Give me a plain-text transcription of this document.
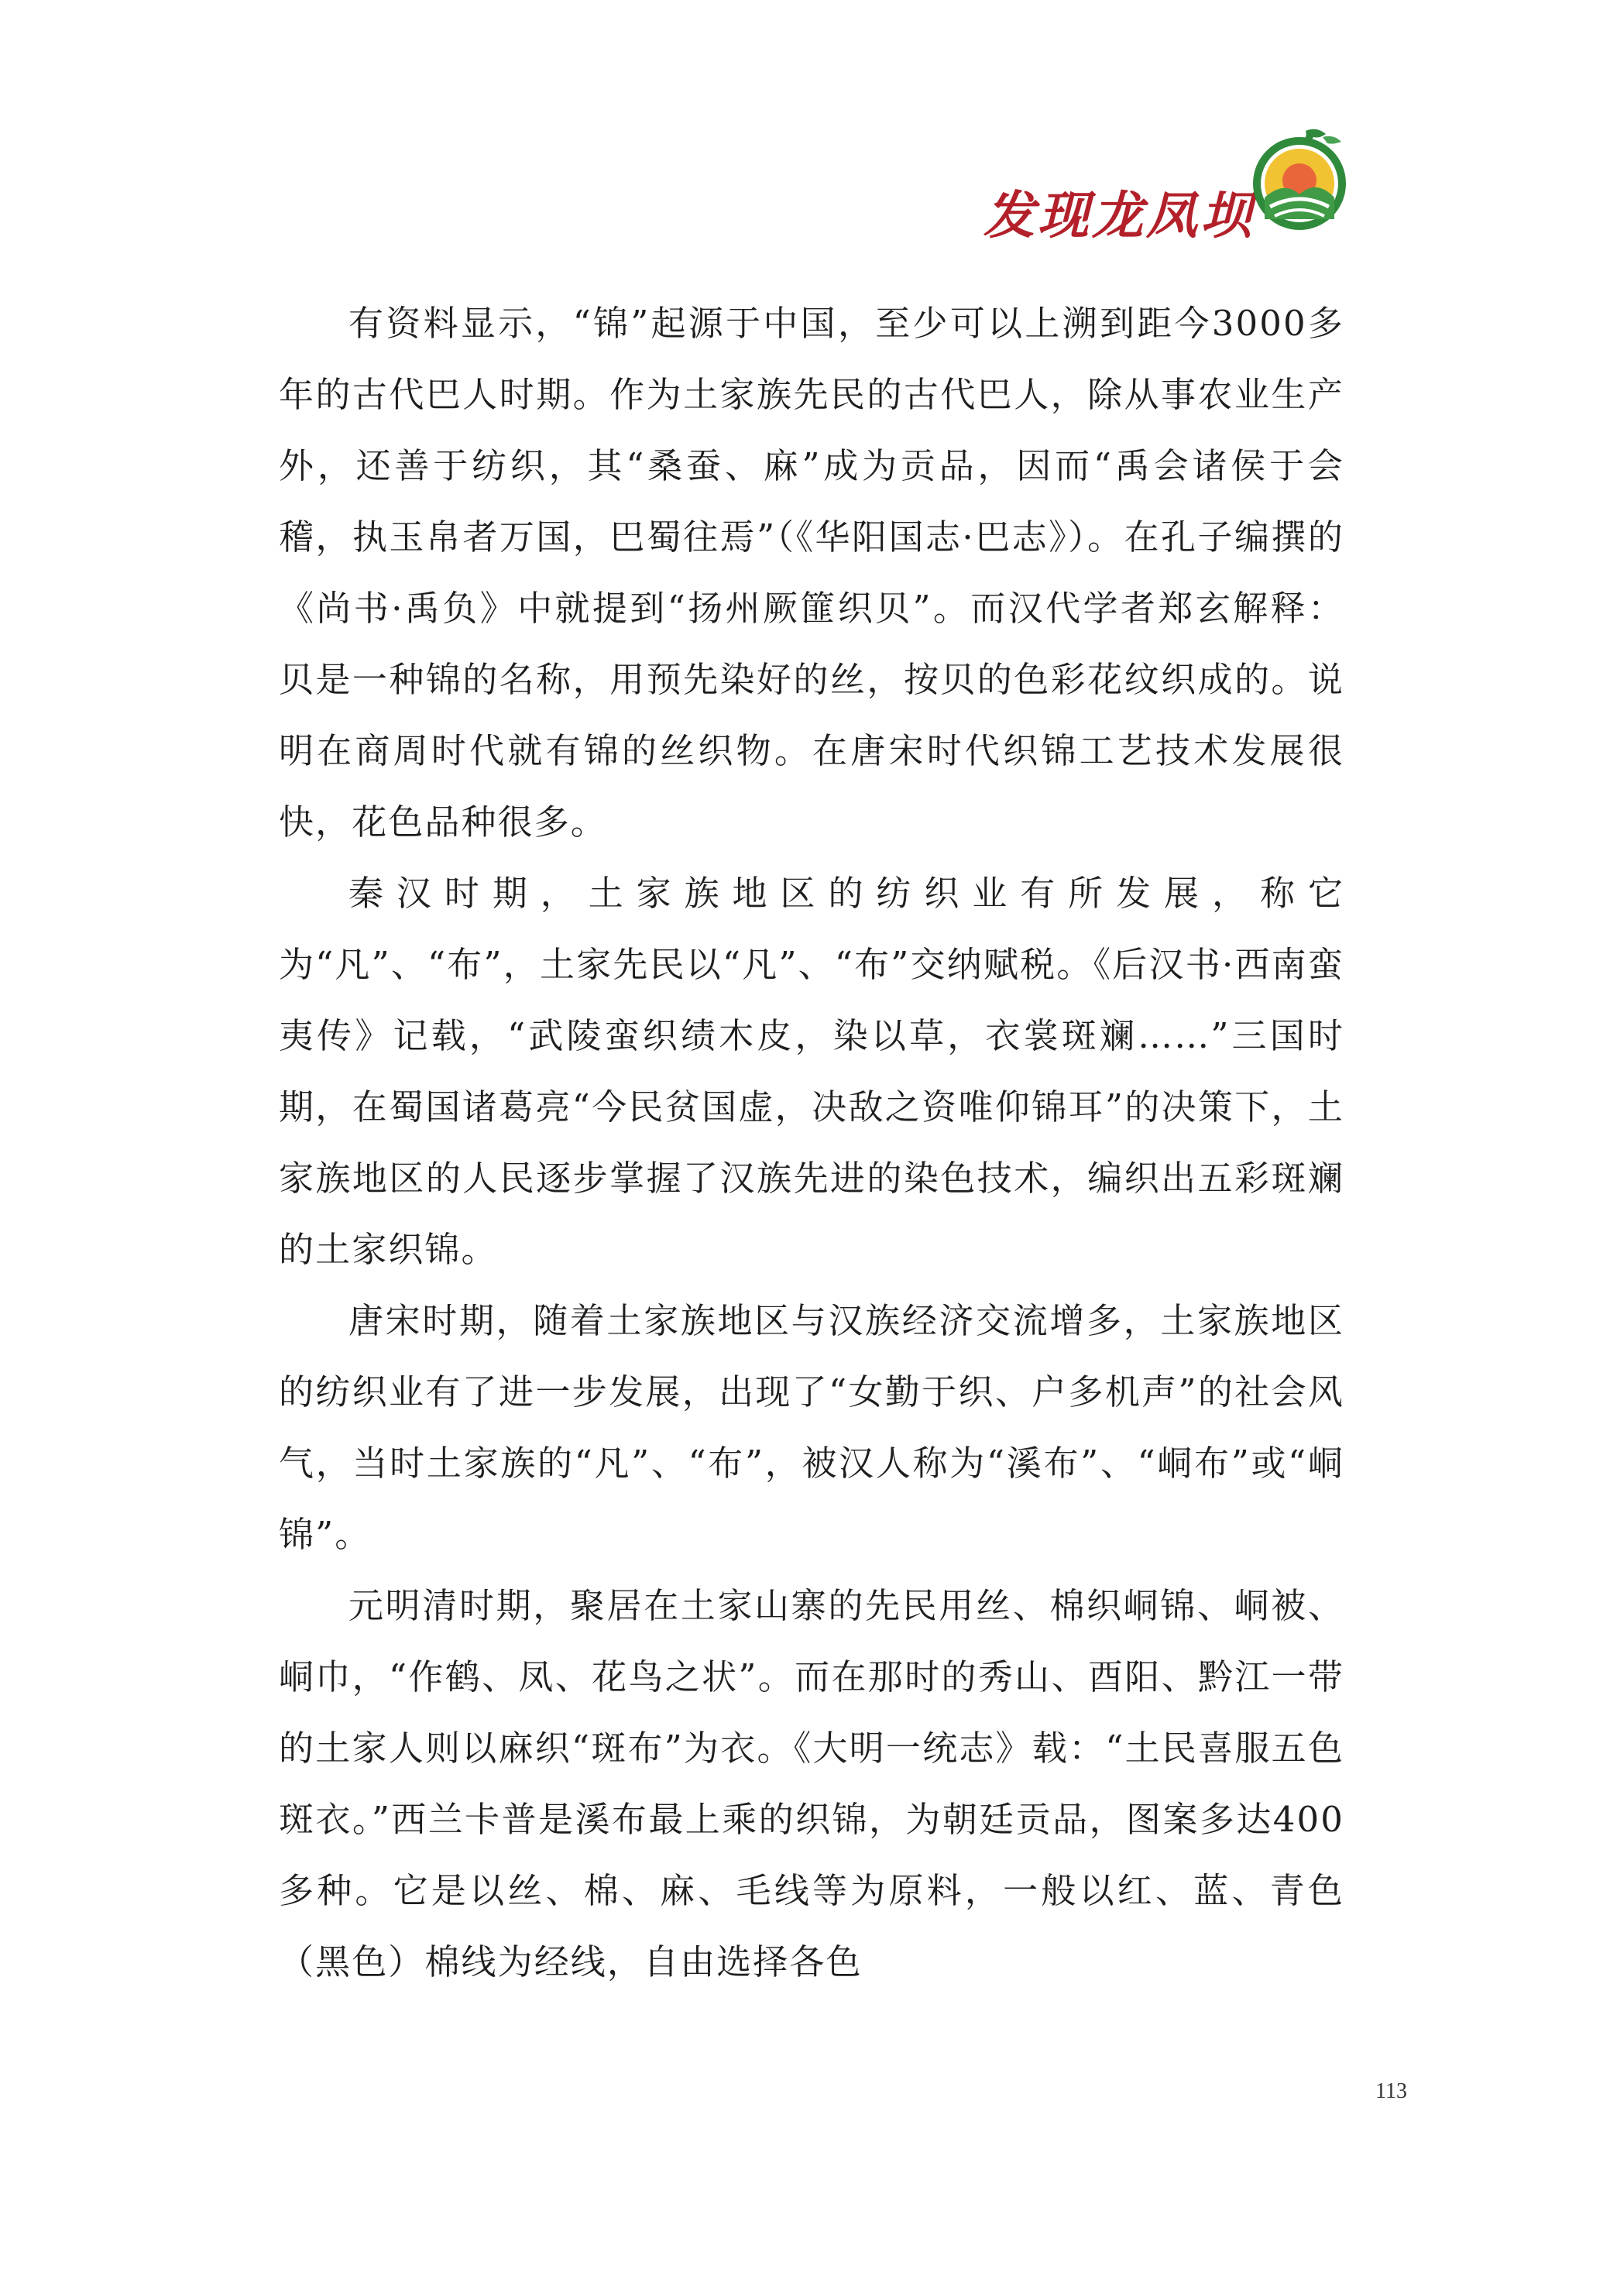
发现龙凤坝

有资料显示，“锦”起源于中国，至少可以上溯到距今3000多年的古代巴人时期。作为土家族先民的古代巴人，除从事农业生产外，还善于纺织，其“桑蚕、麻”成为贡品，因而“禹会诸侯于会稽，执玉帛者万国，巴蜀往焉”（《华阳国志·巴志》）。在孔子编撰的《尚书·禹负》中就提到“扬州厥篚织贝”。而汉代学者郑玄解释：贝是一种锦的名称，用预先染好的丝，按贝的色彩花纹织成的。说明在商周时代就有锦的丝织物。在唐宋时代织锦工艺技术发展很快，花色品种很多。

秦汉时期，土家族地区的纺织业有所发展，称它为“凡”、“布”，土家先民以“凡”、“布”交纳赋税。《后汉书·西南蛮夷传》记载，“武陵蛮织绩木皮，染以草，衣裳斑斓……”三国时期，在蜀国诸葛亮“今民贫国虚，决敌之资唯仰锦耳”的决策下，土家族地区的人民逐步掌握了汉族先进的染色技术，编织出五彩斑斓的土家织锦。

唐宋时期，随着土家族地区与汉族经济交流增多，土家族地区的纺织业有了进一步发展，出现了“女勤于织、户多机声”的社会风气，当时土家族的“凡”、“布”，被汉人称为“溪布”、“峒布”或“峒锦”。

元明清时期，聚居在土家山寨的先民用丝、棉织峒锦、峒被、峒巾，“作鹤、凤、花鸟之状”。而在那时的秀山、酉阳、黔江一带的土家人则以麻织“斑布”为衣。《大明一统志》载：“土民喜服五色斑衣。”西兰卡普是溪布最上乘的织锦，为朝廷贡品，图案多达400多种。它是以丝、棉、麻、毛线等为原料，一般以红、蓝、青色（黑色）棉线为经线，自由选择各色

113
